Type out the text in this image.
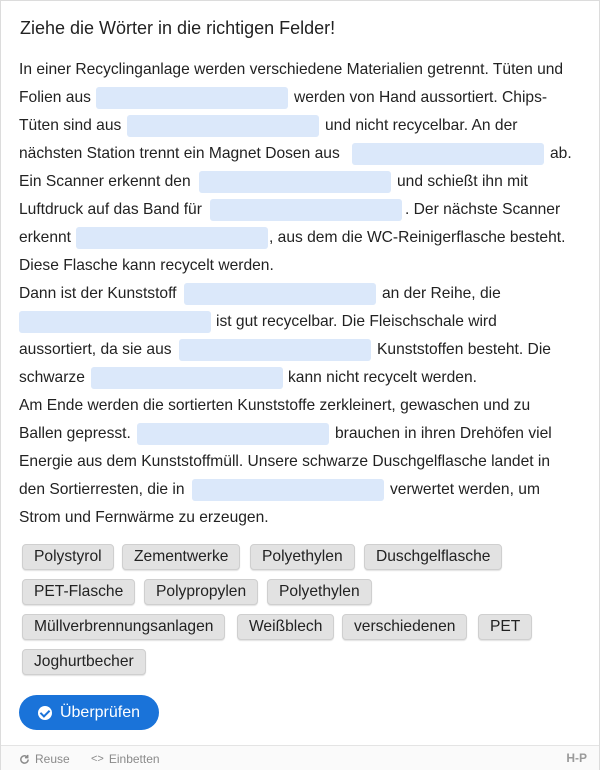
Ziehe die Wörter in die richtigen Felder!
In einer Recyclinganlage werden verschiedene Materialien getrennt. Tüten und
Folien aus	werden von Hand aussortiert. Chips-
Tüten sind aus	und nicht recycelbar. An der
nächsten Station trennt ein Magnet Dosen aus	ab.
Ein Scanner erkennt den	und schießt ihn mit
Luftdruck auf das Band für	. Der nächste Scanner
erkennt	, aus dem die WC-Reinigerflasche besteht.
Diese Flasche kann recycelt werden.
Dann ist der Kunststoff	an der Reihe, die
ist gut recycelbar. Die Fleischschale wird
aussortiert, da sie aus	Kunststoffen besteht. Die
schwarze	kann nicht recycelt werden.
Am Ende werden die sortierten Kunststoffe zerkleinert, gewaschen und zu
Ballen gepresst.	brauchen in ihren Drehöfen viel
Energie aus dem Kunststoffmüll. Unsere schwarze Duschgelflasche landet in
den Sortierresten, die in	verwertet werden, um
Strom und Fernwärme zu erzeugen.
Polystyrol	Zementwerke	Polyethylen	Duschgelflasche
PET-Flasche	Polypropylen	Polyethylen
Müllverbrennungsanlagen	Weißblech	verschiedenen	PET
Joghurtbecher
Überprüfen
Reuse <> Einbetten	H-P
